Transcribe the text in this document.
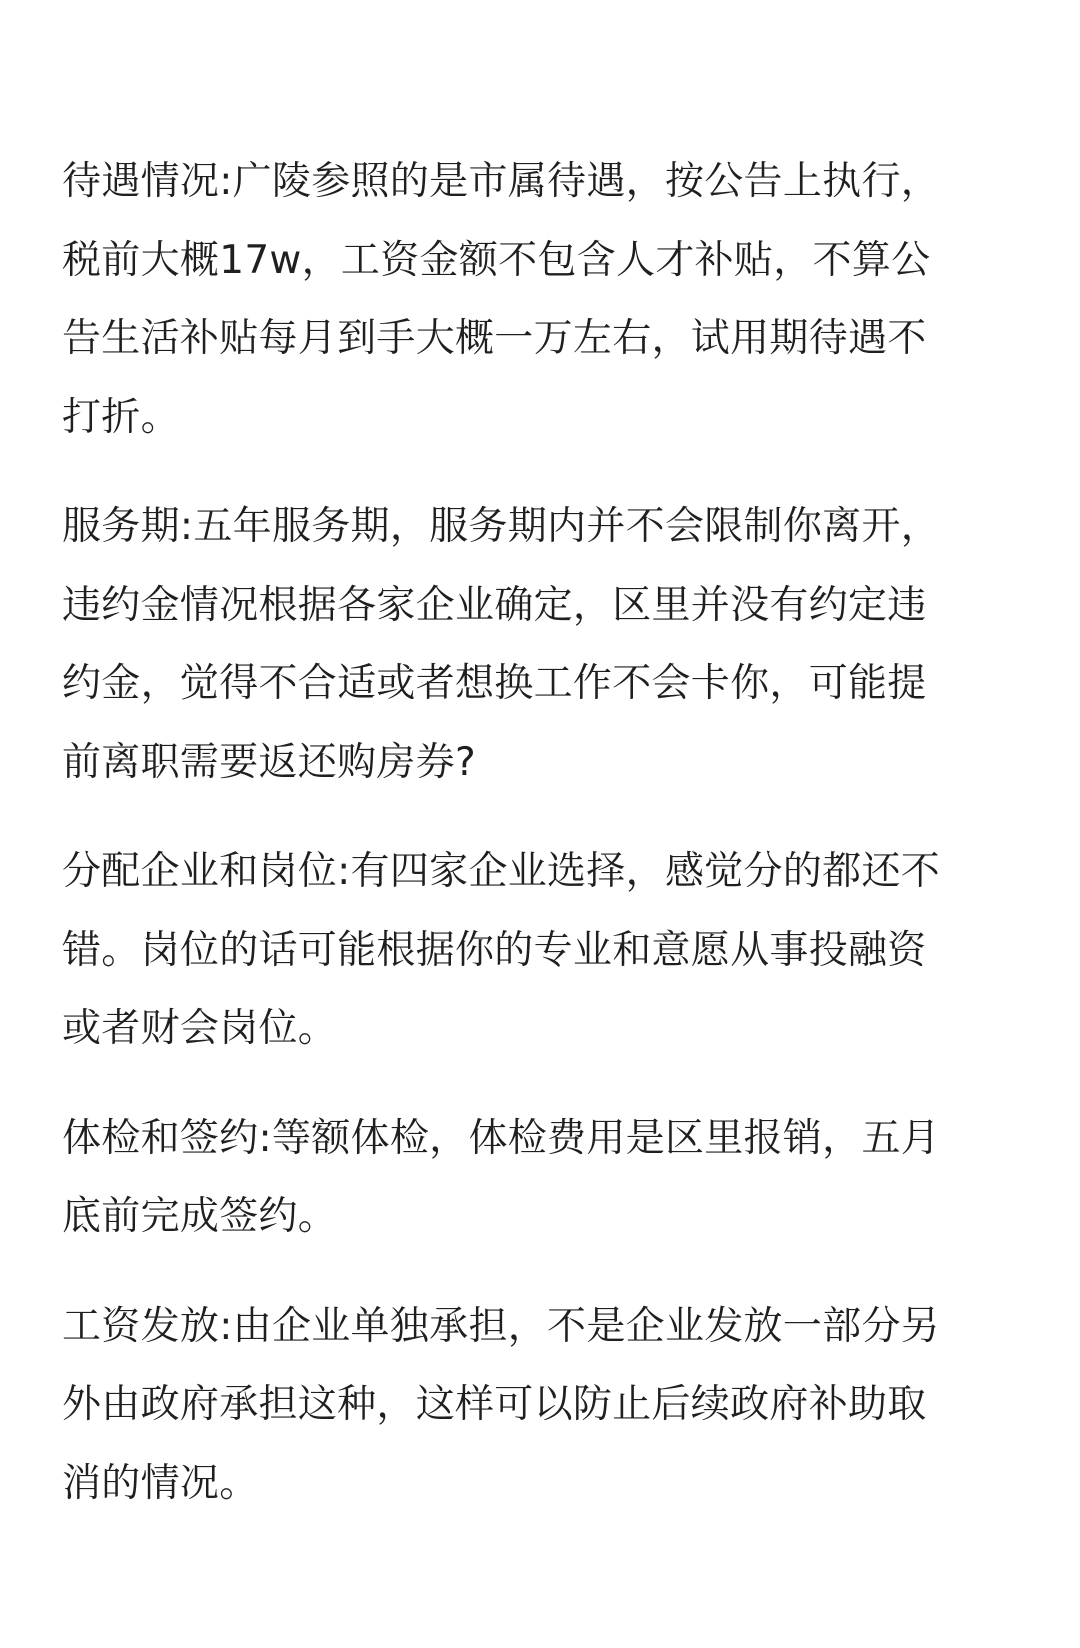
待遇情况:广陵参照的是市属待遇，按公告上执行，
税前大概17w，工资金额不包含人才补贴，不算公
告生活补贴每月到手大概一万左右，试用期待遇不
打折。

服务期:五年服务期，服务期内并不会限制你离开，
违约金情况根据各家企业确定，区里并没有约定违
约金，觉得不合适或者想换工作不会卡你，可能提
前离职需要返还购房券?

分配企业和岗位:有四家企业选择，感觉分的都还不
错。岗位的话可能根据你的专业和意愿从事投融资
或者财会岗位。

体检和签约:等额体检，体检费用是区里报销，五月
底前完成签约。

工资发放:由企业单独承担，不是企业发放一部分另
外由政府承担这种，这样可以防止后续政府补助取
消的情况。
